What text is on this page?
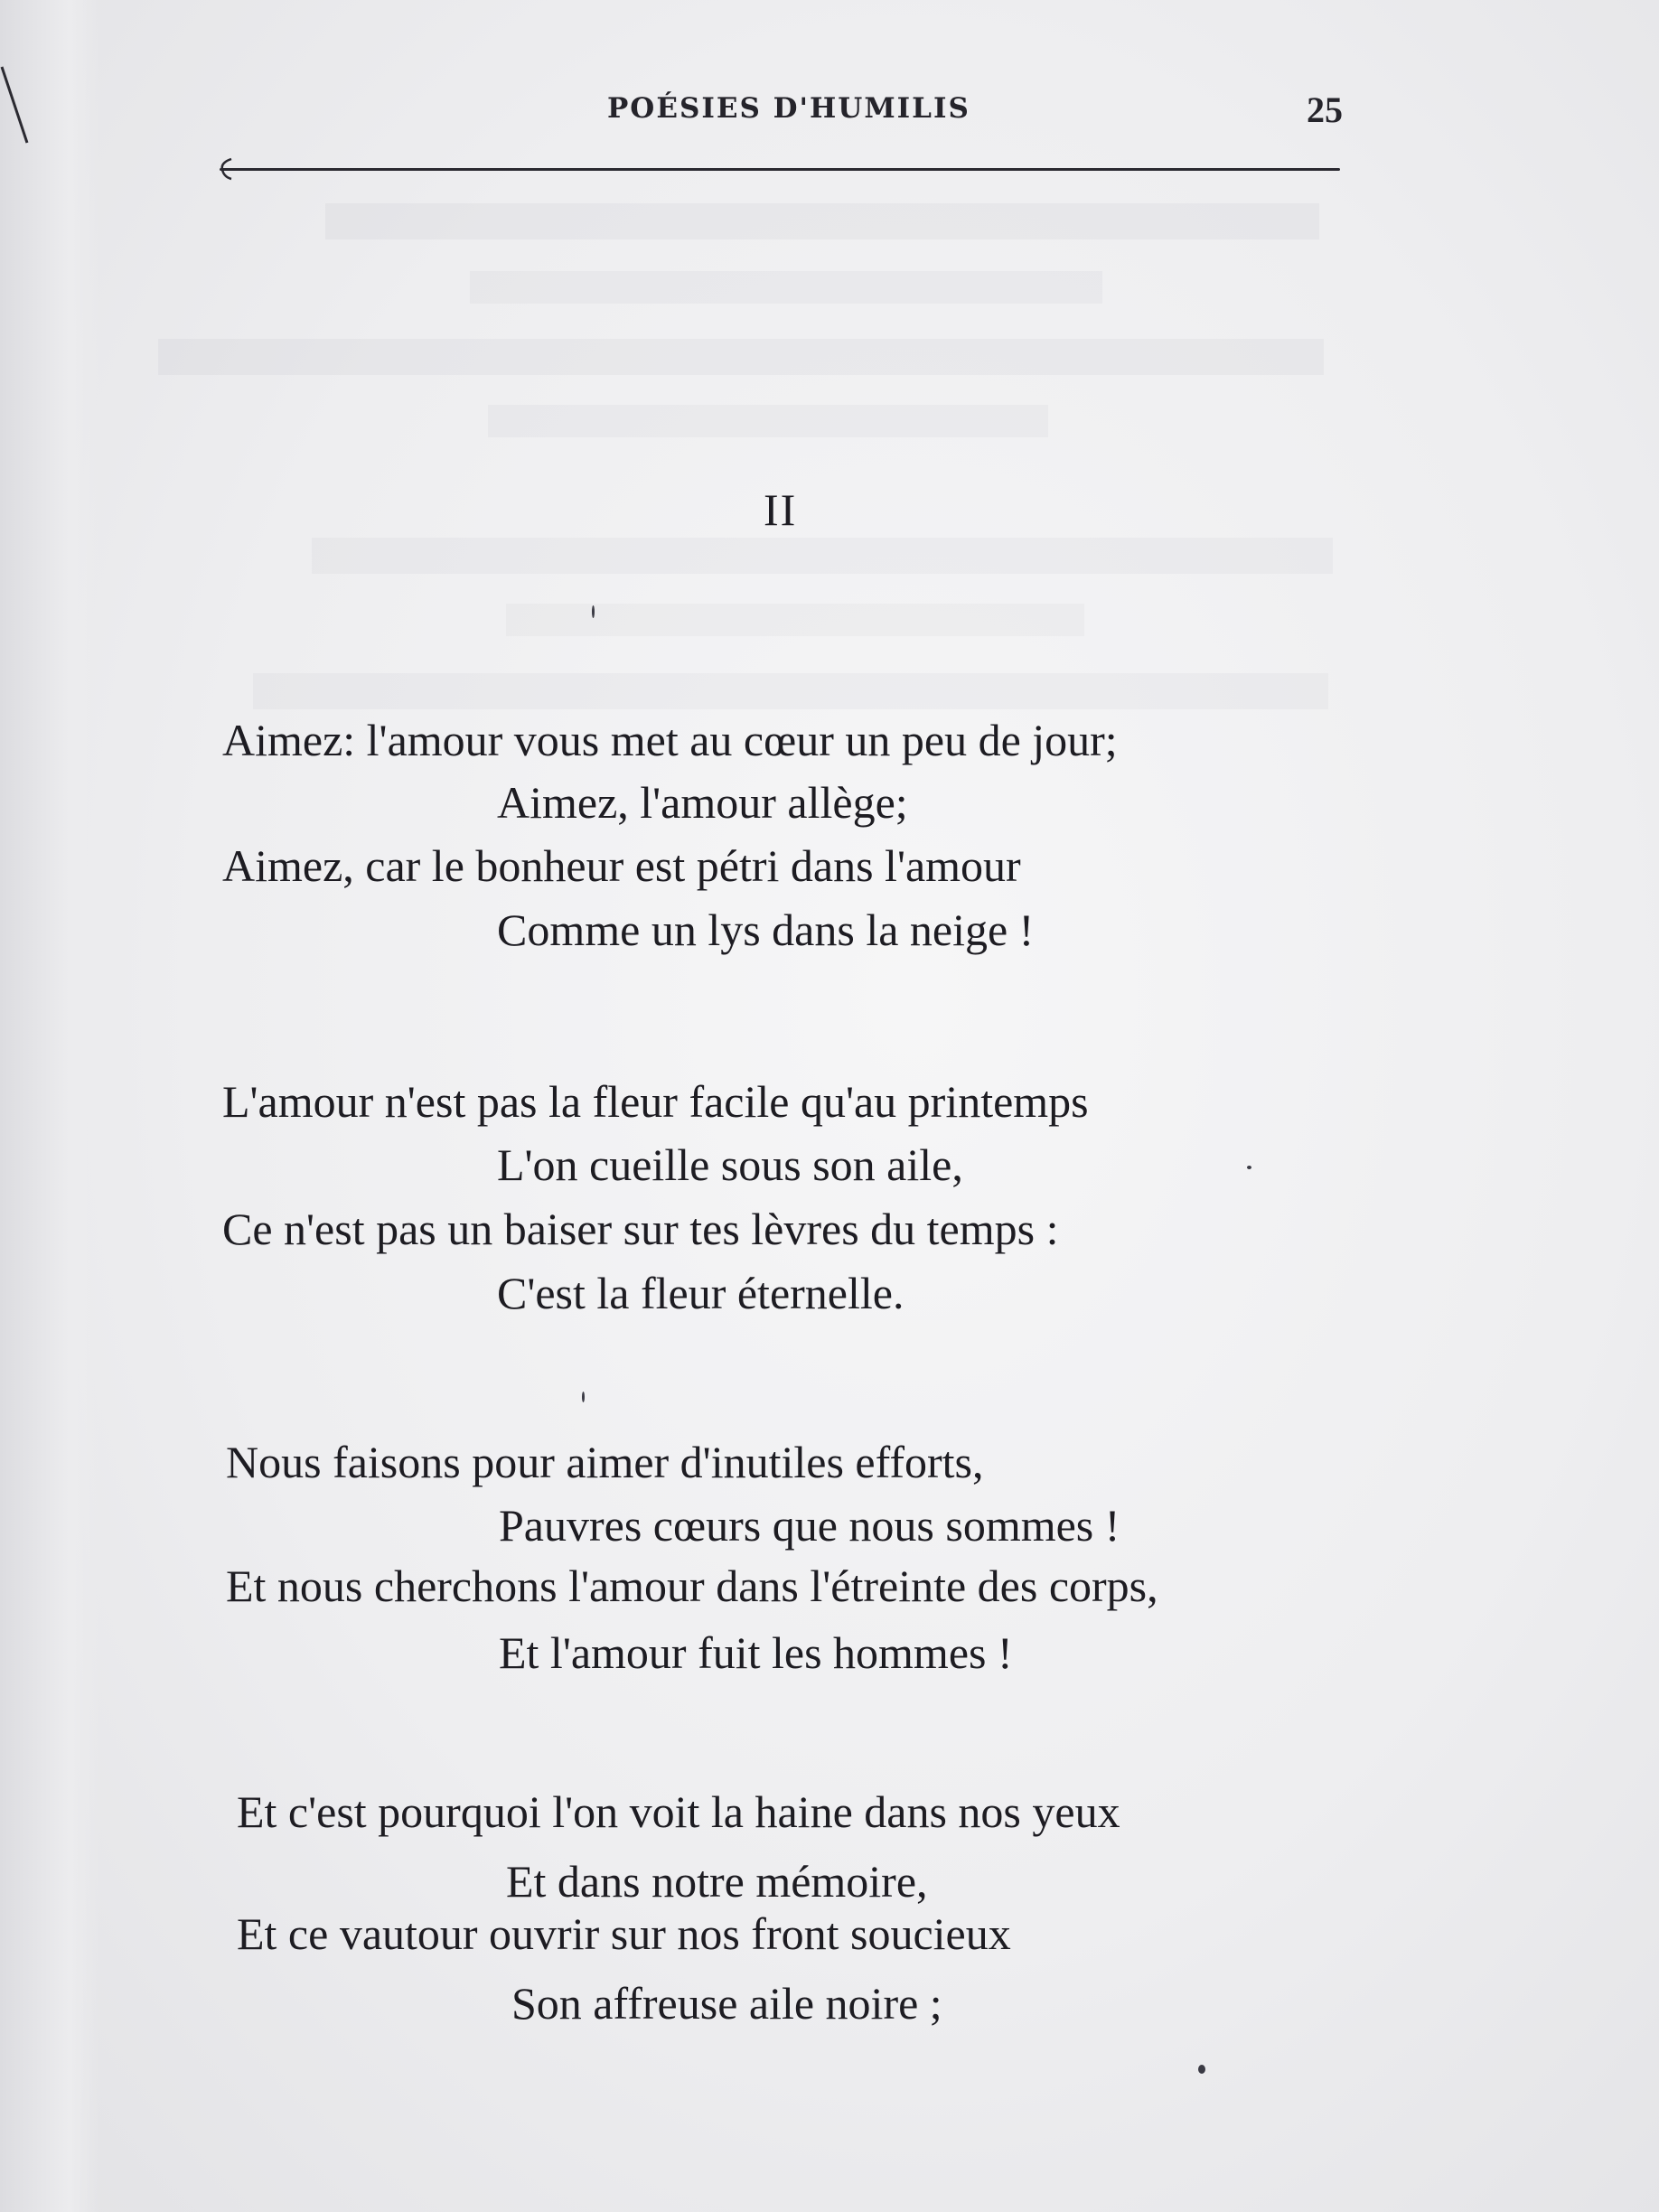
POÉSIES D'HUMILIS	25
II
Aimez: l'amour vous met au cœur un peu de jour;
Aimez, l'amour allège;
Aimez, car le bonheur est pétri dans l'amour
Comme un lys dans la neige !
L'amour n'est pas la fleur facile qu'au printemps
L'on cueille sous son aile,
Ce n'est pas un baiser sur tes lèvres du temps :
C'est la fleur éternelle.
Nous faisons pour aimer d'inutiles efforts,
Pauvres cœurs que nous sommes !
Et nous cherchons l'amour dans l'étreinte des corps,
Et l'amour fuit les hommes !
Et c'est pourquoi l'on voit la haine dans nos yeux
Et dans notre mémoire,
Et ce vautour ouvrir sur nos front soucieux
Son affreuse aile noire ;
